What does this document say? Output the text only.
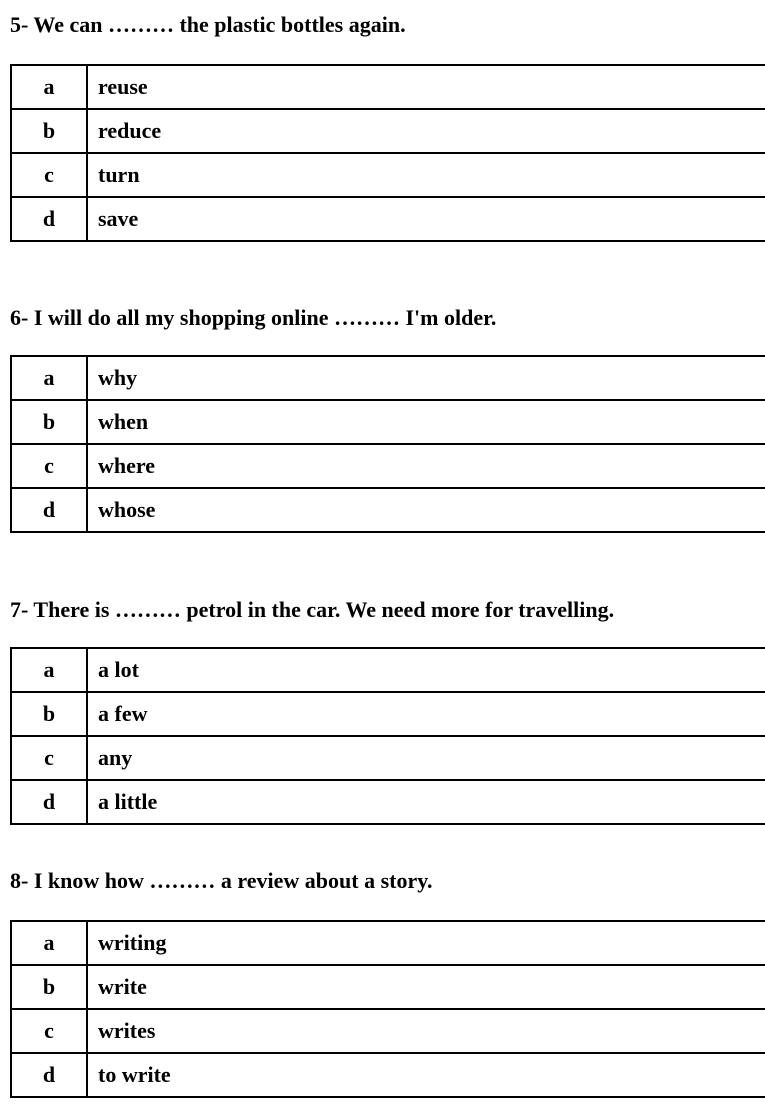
5- We can ……… the plastic bottles again.
a	reuse
b	reduce
c	turn
d	save
6- I will do all my shopping online ……… I'm older.
a	why
b	when
c	where
d	whose
7- There is ……… petrol in the car. We need more for travelling.
a	a lot
b	a few
c	any
d	a little
8- I know how ……… a review about a story.
a	writing
b	write
c	writes
d	to write
